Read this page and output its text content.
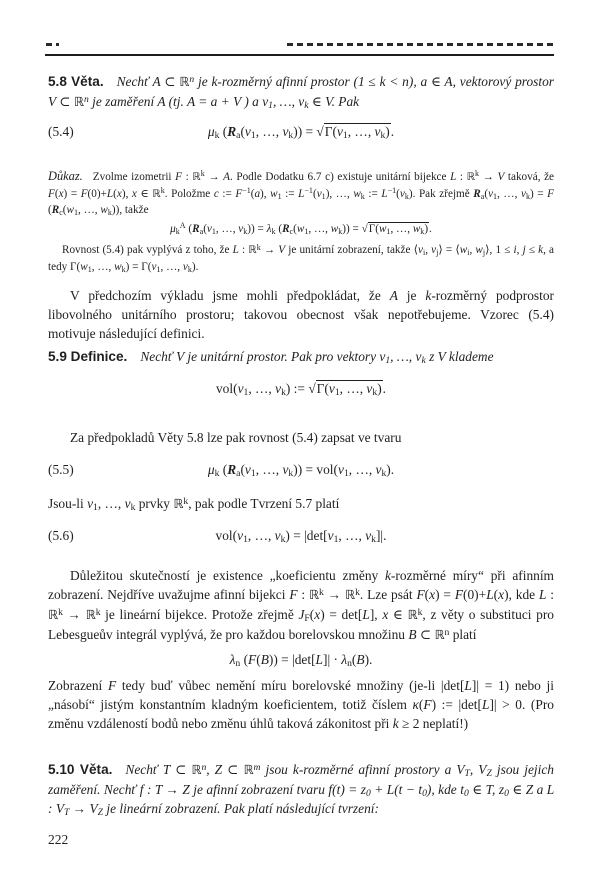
5.8 Věta. Nechť A ⊂ ℝ$^n$ je k-rozměrný afinní prostor (1 ≤ k < n), a ∈ A, vektorový prostor V ⊂ ℝ$^n$ je zaměření A (tj. A = a + V ) a $v_1$, …, $v_k$ ∈ V. Pak

(5.4)	$\mu_k$ ($R_a(v_1$, …, $v_k)) = √\Gamma(v_1$, …, $v_k$).

Důkaz. Zvolme izometrii F : ℝ$^k$ → A. Podle Dodatku 6.7 c) existuje unitární bijekce L : ℝ$^k$ → V taková, že F(x) = F(0)+L(x), x ∈ ℝ$^k$. Položme c := $F^{-1}(a)$, $w_1$ := $L^{-1}(v_1)$, …, $w_k$ := $L^{-1}(v_k)$. Pak zřejmě $R_a(v_1$, …, $v_k) = F$ ($R_c(w_1$, …, $w_k$)), takže

$\mu_k^A$ ($R_a(v_1$, …, $v_k)) = \lambda_k$ ($R_c(w_1$, …, $w_k)) = √\Gamma(w_1$, …, $w_k$).

Rovnost (5.4) pak vyplývá z toho, že L : ℝ$^k$ → V je unitární zobrazení, takže $⟨v_i$, $v_j⟩$ = $⟨w_i$, $w_j⟩$, 1 ≤ i, j ≤ k, a tedy $\Gamma(w_1$, …, $w_k) = \Gamma(v_1$, …, $v_k$).

V předchozím výkladu jsme mohli předpokládat, že A je k-rozměrný podprostor libovolného unitárního prostoru; takovou obecnost však nepotřebujeme. Vzorec (5.4) motivuje následující definici.

5.9 Definice. Nechť V je unitární prostor. Pak pro vektory $v_1$, …, $v_k$ z V klademe

$vol(v_1$, …, $v_k$) := $√\Gamma(v_1$, …, $v_k$).

Za předpokladů Věty 5.8 lze pak rovnost (5.4) zapsat ve tvaru

(5.5)	$\mu_k$ ($R_a(v_1$, …, $v_k)) = vol(v_1$, …, $v_k$).

Jsou-li $v_1$, …, $v_k$ prvky ℝ$^k$, pak podle Tvrzení 5.7 platí

(5.6)	$vol(v_1$, …, $v_k) = |\det[v_1$, …, $v_k]|$.

Důležitou skutečností je existence „koeficientu změny k-rozměrné míry“ při afinním zobrazení. Nejdříve uvažujme afinní bijekci F : ℝ$^k$ → ℝ$^k$. Lze psát F(x) = F(0)+L(x), kde L : ℝ$^k$ → ℝ$^k$ je lineární bijekce. Protože zřejmě $J_F(x) = \det[L]$, x ∈ ℝ$^k$, z věty o substituci pro Lebesgueův integrál vyplývá, že pro každou borelovskou množinu B ⊂ ℝ$^n$ platí

$\lambda_n$ $(F(B)) = |\det[L]| \cdot \lambda_n(B)$.

Zobrazení F tedy buď vůbec nemění míru borelovské množiny (je-li |det[L]| = 1) nebo ji „násobí“ jistým konstantním kladným koeficientem, totiž číslem κ(F) := |det[L]| > 0. (Pro změnu vzdáleností bodů nebo změnu úhlů taková zákonitost při k ≥ 2 neplatí!)

5.10 Věta. Nechť T ⊂ ℝ$^n$, Z ⊂ ℝ$^m$ jsou k-rozměrné afinní prostory a $V_T$, $V_Z$ jsou jejich zaměření. Nechť f : T → Z je afinní zobrazení tvaru $f(t) = z_0 + L(t - t_0)$, kde $t_0$ ∈ T, $z_0$ ∈ Z a L : $V_T \to V_Z$ je lineární zobrazení. Pak platí následující tvrzení:

222
